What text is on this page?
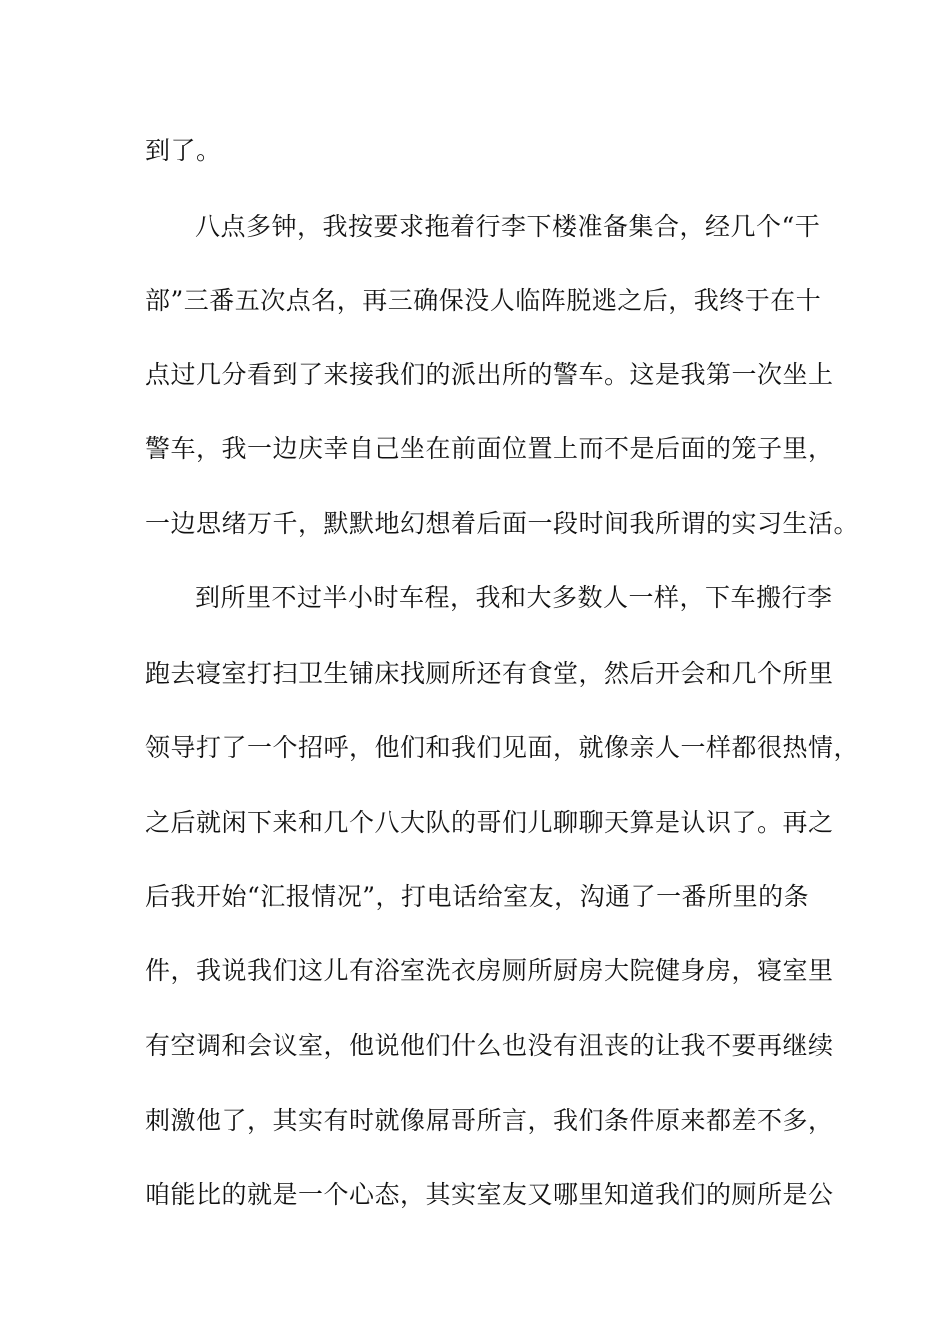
到了。
八点多钟，我按要求拖着行李下楼准备集合，经几个“干
部”三番五次点名，再三确保没人临阵脱逃之后，我终于在十
点过几分看到了来接我们的派出所的警车。这是我第一次坐上
警车，我一边庆幸自己坐在前面位置上而不是后面的笼子里，
一边思绪万千，默默地幻想着后面一段时间我所谓的实习生活。
到所里不过半小时车程，我和大多数人一样，下车搬行李
跑去寝室打扫卫生铺床找厕所还有食堂，然后开会和几个所里
领导打了一个招呼，他们和我们见面，就像亲人一样都很热情，
之后就闲下来和几个八大队的哥们儿聊聊天算是认识了。再之
后我开始“汇报情况”，打电话给室友，沟通了一番所里的条
件，我说我们这儿有浴室洗衣房厕所厨房大院健身房，寝室里
有空调和会议室，他说他们什么也没有沮丧的让我不要再继续
刺激他了，其实有时就像屌哥所言，我们条件原来都差不多，
咱能比的就是一个心态，其实室友又哪里知道我们的厕所是公
